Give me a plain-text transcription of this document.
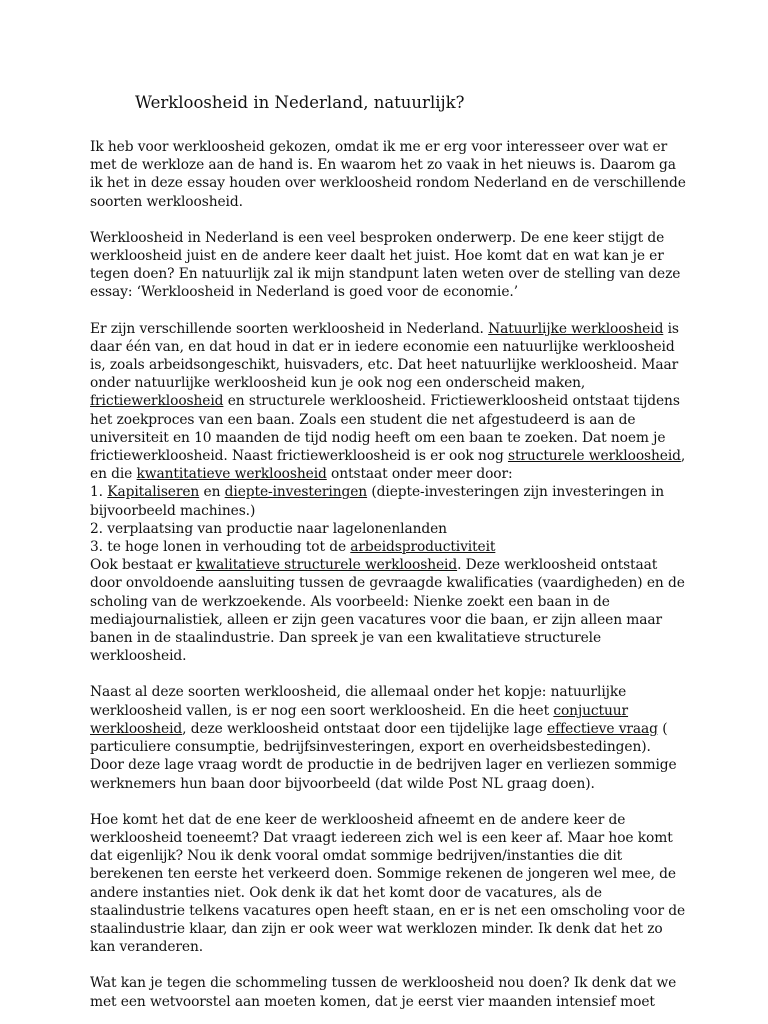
Werkloosheid in Nederland, natuurlijk?

Ik heb voor werkloosheid gekozen, omdat ik me er erg voor interesseer over wat er met de werkloze aan de hand is. En waarom het zo vaak in het nieuws is. Daarom ga ik het in deze essay houden over werkloosheid rondom Nederland en de verschillende soorten werkloosheid.

Werkloosheid in Nederland is een veel besproken onderwerp. De ene keer stijgt de werkloosheid juist en de andere keer daalt het juist. Hoe komt dat en wat kan je er tegen doen? En natuurlijk zal ik mijn standpunt laten weten over de stelling van deze essay: ‘Werkloosheid in Nederland is goed voor de economie.’

Er zijn verschillende soorten werkloosheid in Nederland. Natuurlijke werkloosheid is daar één van, en dat houd in dat er in iedere economie een natuurlijke werkloosheid is, zoals arbeidsongeschikt, huisvaders, etc. Dat heet natuurlijke werkloosheid. Maar onder natuurlijke werkloosheid kun je ook nog een onderscheid maken, frictiewerkloosheid en structurele werkloosheid. Frictiewerkloosheid ontstaat tijdens het zoekproces van een baan. Zoals een student die net afgestudeerd is aan de universiteit en 10 maanden de tijd nodig heeft om een baan te zoeken. Dat noem je frictiewerkloosheid. Naast frictiewerkloosheid is er ook nog structurele werkloosheid, en die kwantitatieve werkloosheid ontstaat onder meer door:

1. Kapitaliseren en diepte-investeringen (diepte-investeringen zijn investeringen in bijvoorbeeld machines.)

2. verplaatsing van productie naar lagelonenlanden

3. te hoge lonen in verhouding tot de arbeidsproductiviteit

Ook bestaat er kwalitatieve structurele werkloosheid. Deze werkloosheid ontstaat door onvoldoende aansluiting tussen de gevraagde kwalificaties (vaardigheden) en de scholing van de werkzoekende. Als voorbeeld: Nienke zoekt een baan in de mediajournalistiek, alleen er zijn geen vacatures voor die baan, er zijn alleen maar banen in de staalindustrie. Dan spreek je van een kwalitatieve structurele werkloosheid.

Naast al deze soorten werkloosheid, die allemaal onder het kopje: natuurlijke werkloosheid vallen, is er nog een soort werkloosheid. En die heet conjuctuur werkloosheid, deze werkloosheid ontstaat door een tijdelijke lage effectieve vraag ( particuliere consumptie, bedrijfsinvesteringen, export en overheidsbestedingen). Door deze lage vraag wordt de productie in de bedrijven lager en verliezen sommige werknemers hun baan door bijvoorbeeld (dat wilde Post NL graag doen).

Hoe komt het dat de ene keer de werkloosheid afneemt en de andere keer de werkloosheid toeneemt? Dat vraagt iedereen zich wel is een keer af. Maar hoe komt dat eigenlijk? Nou ik denk vooral omdat sommige bedrijven/instanties die dit berekenen ten eerste het verkeerd doen. Sommige rekenen de jongeren wel mee, de andere instanties niet. Ook denk ik dat het komt door de vacatures, als de staalindustrie telkens vacatures open heeft staan, en er is net een omscholing voor de staalindustrie klaar, dan zijn er ook weer wat werklozen minder. Ik denk dat het zo kan veranderen.

Wat kan je tegen die schommeling tussen de werkloosheid nou doen? Ik denk dat we met een wetvoorstel aan moeten komen, dat je eerst vier maanden intensief moet
